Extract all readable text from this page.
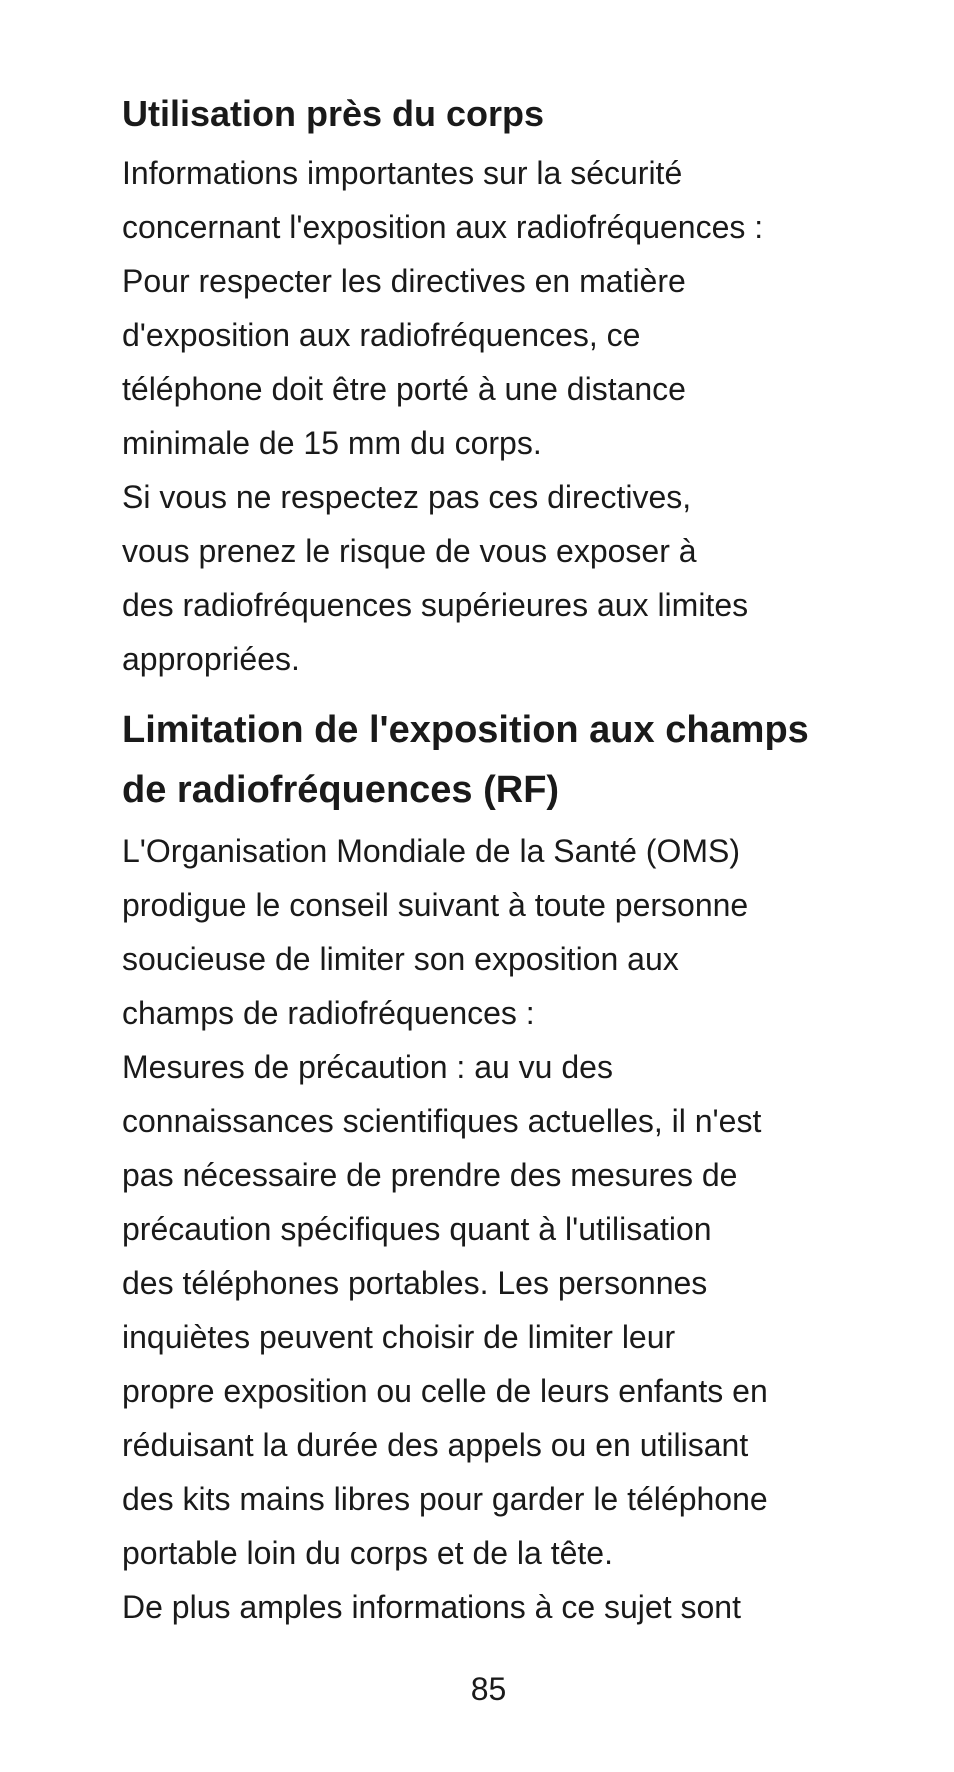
Utilisation près du corps
Informations importantes sur la sécurité
concernant l'exposition aux radiofréquences :
Pour respecter les directives en matière
d'exposition aux radiofréquences, ce
téléphone doit être porté à une distance
minimale de 15 mm du corps.
Si vous ne respectez pas ces directives,
vous prenez le risque de vous exposer à
des radiofréquences supérieures aux limites
appropriées.
Limitation de l'exposition aux champs
de radiofréquences (RF)
L'Organisation Mondiale de la Santé (OMS)
prodigue le conseil suivant à toute personne
soucieuse de limiter son exposition aux
champs de radiofréquences :
Mesures de précaution : au vu des
connaissances scientifiques actuelles, il n'est
pas nécessaire de prendre des mesures de
précaution spécifiques quant à l'utilisation
des téléphones portables. Les personnes
inquiètes peuvent choisir de limiter leur
propre exposition ou celle de leurs enfants en
réduisant la durée des appels ou en utilisant
des kits mains libres pour garder le téléphone
portable loin du corps et de la tête.
De plus amples informations à ce sujet sont
85
